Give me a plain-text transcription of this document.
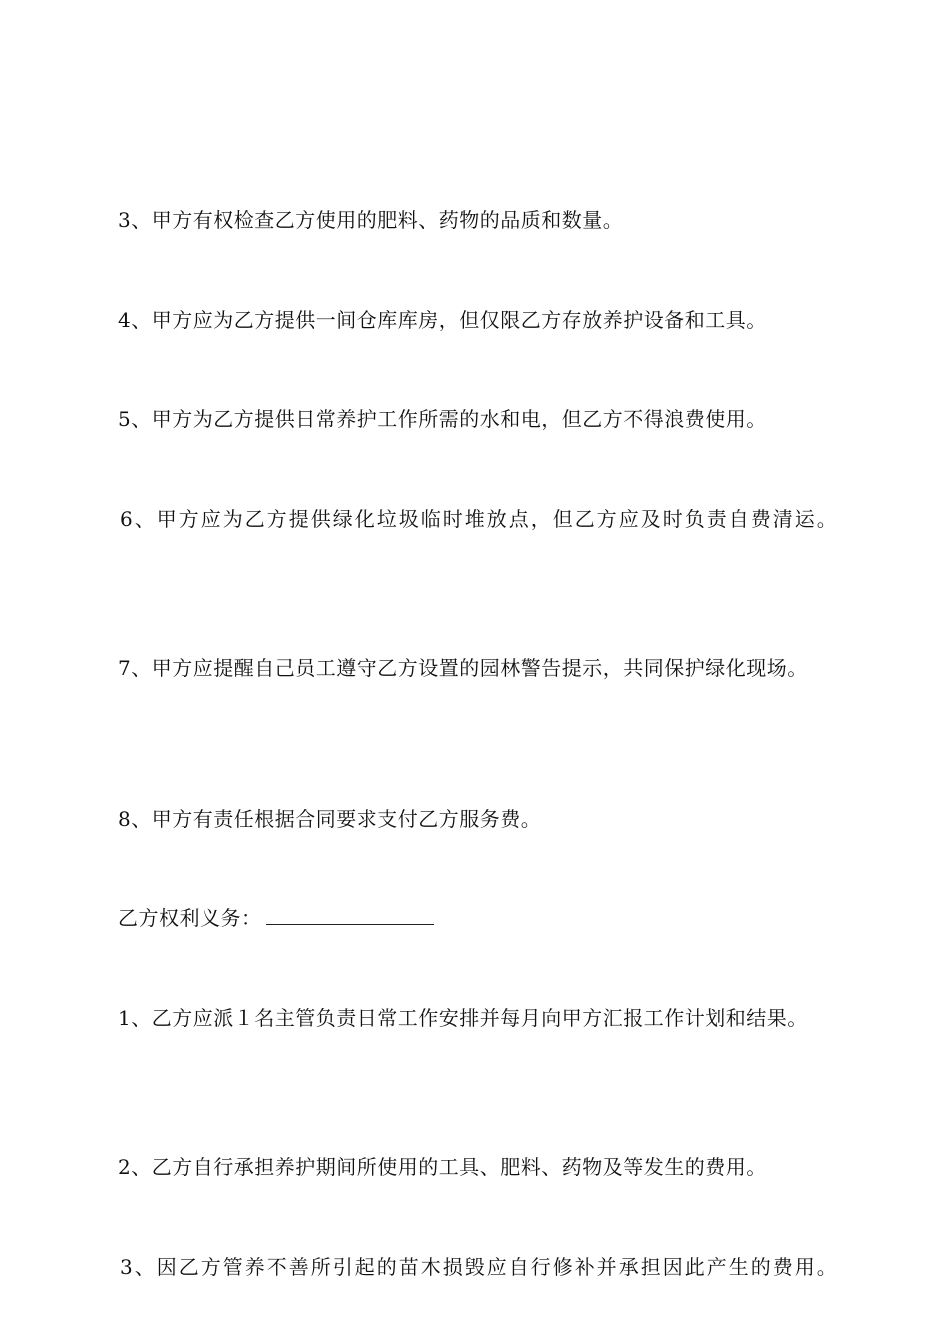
3、甲方有权检查乙方使用的肥料、药物的品质和数量。

4、甲方应为乙方提供一间仓库库房，但仅限乙方存放养护设备和工具。

5、甲方为乙方提供日常养护工作所需的水和电，但乙方不得浪费使用。

6、甲方应为乙方提供绿化垃圾临时堆放点，但乙方应及时负责自费清运。

7、甲方应提醒自己员工遵守乙方设置的园林警告提示，共同保护绿化现场。

8、甲方有责任根据合同要求支付乙方服务费。

乙方权利义务：

1、乙方应派１名主管负责日常工作安排并每月向甲方汇报工作计划和结果。

2、乙方自行承担养护期间所使用的工具、肥料、药物及等发生的费用。

3、因乙方管养不善所引起的苗木损毁应自行修补并承担因此产生的费用。
